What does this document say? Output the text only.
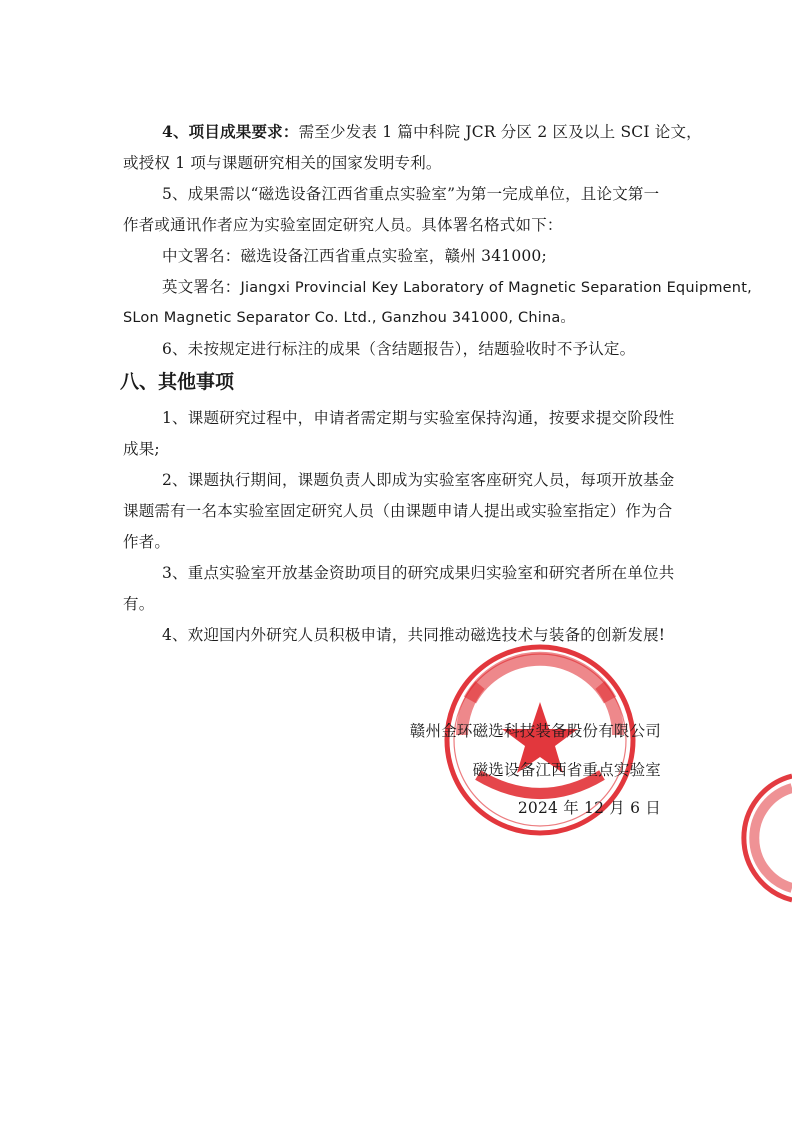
4、项目成果要求：需至少发表 1 篇中科院 JCR 分区 2 区及以上 SCI 论文，
或授权 1 项与课题研究相关的国家发明专利。
5、成果需以“磁选设备江西省重点实验室”为第一完成单位，且论文第一
作者或通讯作者应为实验室固定研究人员。具体署名格式如下：
中文署名：磁选设备江西省重点实验室，赣州 341000;
英文署名：Jiangxi Provincial Key Laboratory of Magnetic Separation Equipment,
SLon Magnetic Separator Co. Ltd., Ganzhou 341000, China。
6、未按规定进行标注的成果（含结题报告），结题验收时不予认定。
八、其他事项
1、课题研究过程中，申请者需定期与实验室保持沟通，按要求提交阶段性
成果;
2、课题执行期间，课题负责人即成为实验室客座研究人员，每项开放基金
课题需有一名本实验室固定研究人员（由课题申请人提出或实验室指定）作为合
作者。
3、重点实验室开放基金资助项目的研究成果归实验室和研究者所在单位共
有。
4、欢迎国内外研究人员积极申请，共同推动磁选技术与装备的创新发展!
赣州金环磁选科技装备股份有限公司
磁选设备江西省重点实验室
2024 年 12 月 6 日
